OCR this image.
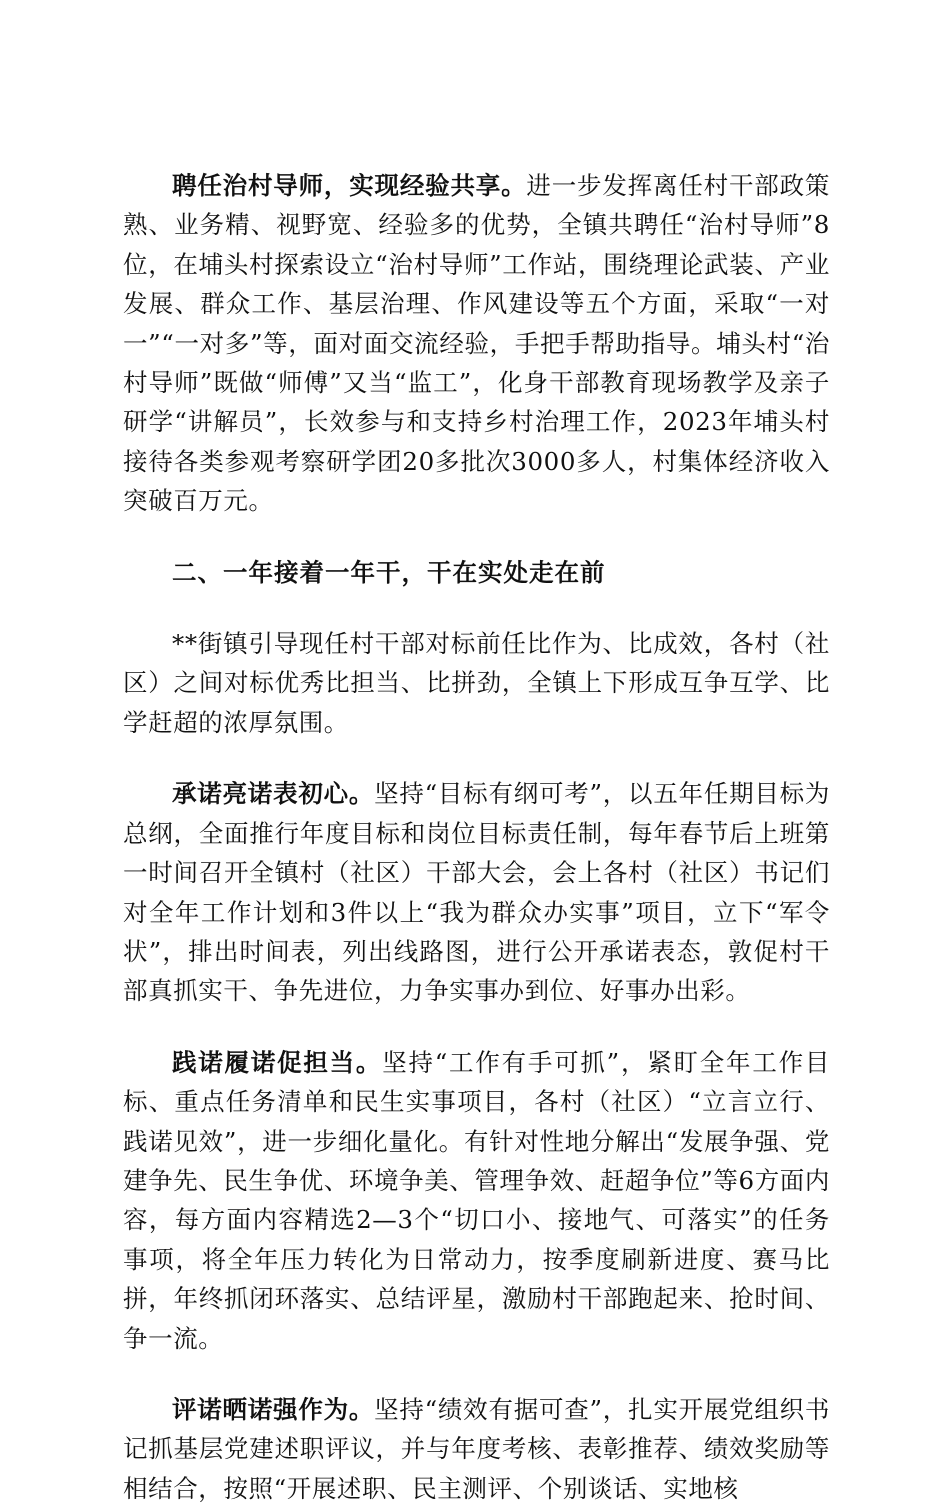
聘任治村导师，实现经验共享。进一步发挥离任村干部政策熟、业务精、视野宽、经验多的优势，全镇共聘任“治村导师”8位，在埔头村探索设立“治村导师”工作站，围绕理论武装、产业发展、群众工作、基层治理、作风建设等五个方面，采取“一对一”“一对多”等，面对面交流经验，手把手帮助指导。埔头村“治村导师”既做“师傅”又当“监工”，化身干部教育现场教学及亲子研学“讲解员”，长效参与和支持乡村治理工作，2023年埔头村接待各类参观考察研学团20多批次3000多人，村集体经济收入突破百万元。

二、一年接着一年干，干在实处走在前

**街镇引导现任村干部对标前任比作为、比成效，各村（社区）之间对标优秀比担当、比拼劲，全镇上下形成互争互学、比学赶超的浓厚氛围。

承诺亮诺表初心。坚持“目标有纲可考”，以五年任期目标为总纲，全面推行年度目标和岗位目标责任制，每年春节后上班第一时间召开全镇村（社区）干部大会，会上各村（社区）书记们对全年工作计划和3件以上“我为群众办实事”项目，立下“军令状”，排出时间表，列出线路图，进行公开承诺表态，敦促村干部真抓实干、争先进位，力争实事办到位、好事办出彩。

践诺履诺促担当。坚持“工作有手可抓”，紧盯全年工作目标、重点任务清单和民生实事项目，各村（社区）“立言立行、践诺见效”，进一步细化量化。有针对性地分解出“发展争强、党建争先、民生争优、环境争美、管理争效、赶超争位”等6方面内容，每方面内容精选2—3个“切口小、接地气、可落实”的任务事项，将全年压力转化为日常动力，按季度刷新进度、赛马比拼，年终抓闭环落实、总结评星，激励村干部跑起来、抢时间、争一流。

评诺晒诺强作为。坚持“绩效有据可查”，扎实开展党组织书记抓基层党建述职评议，并与年度考核、表彰推荐、绩效奖励等相结合，按照“开展述职、民主测评、个别谈话、实地核
